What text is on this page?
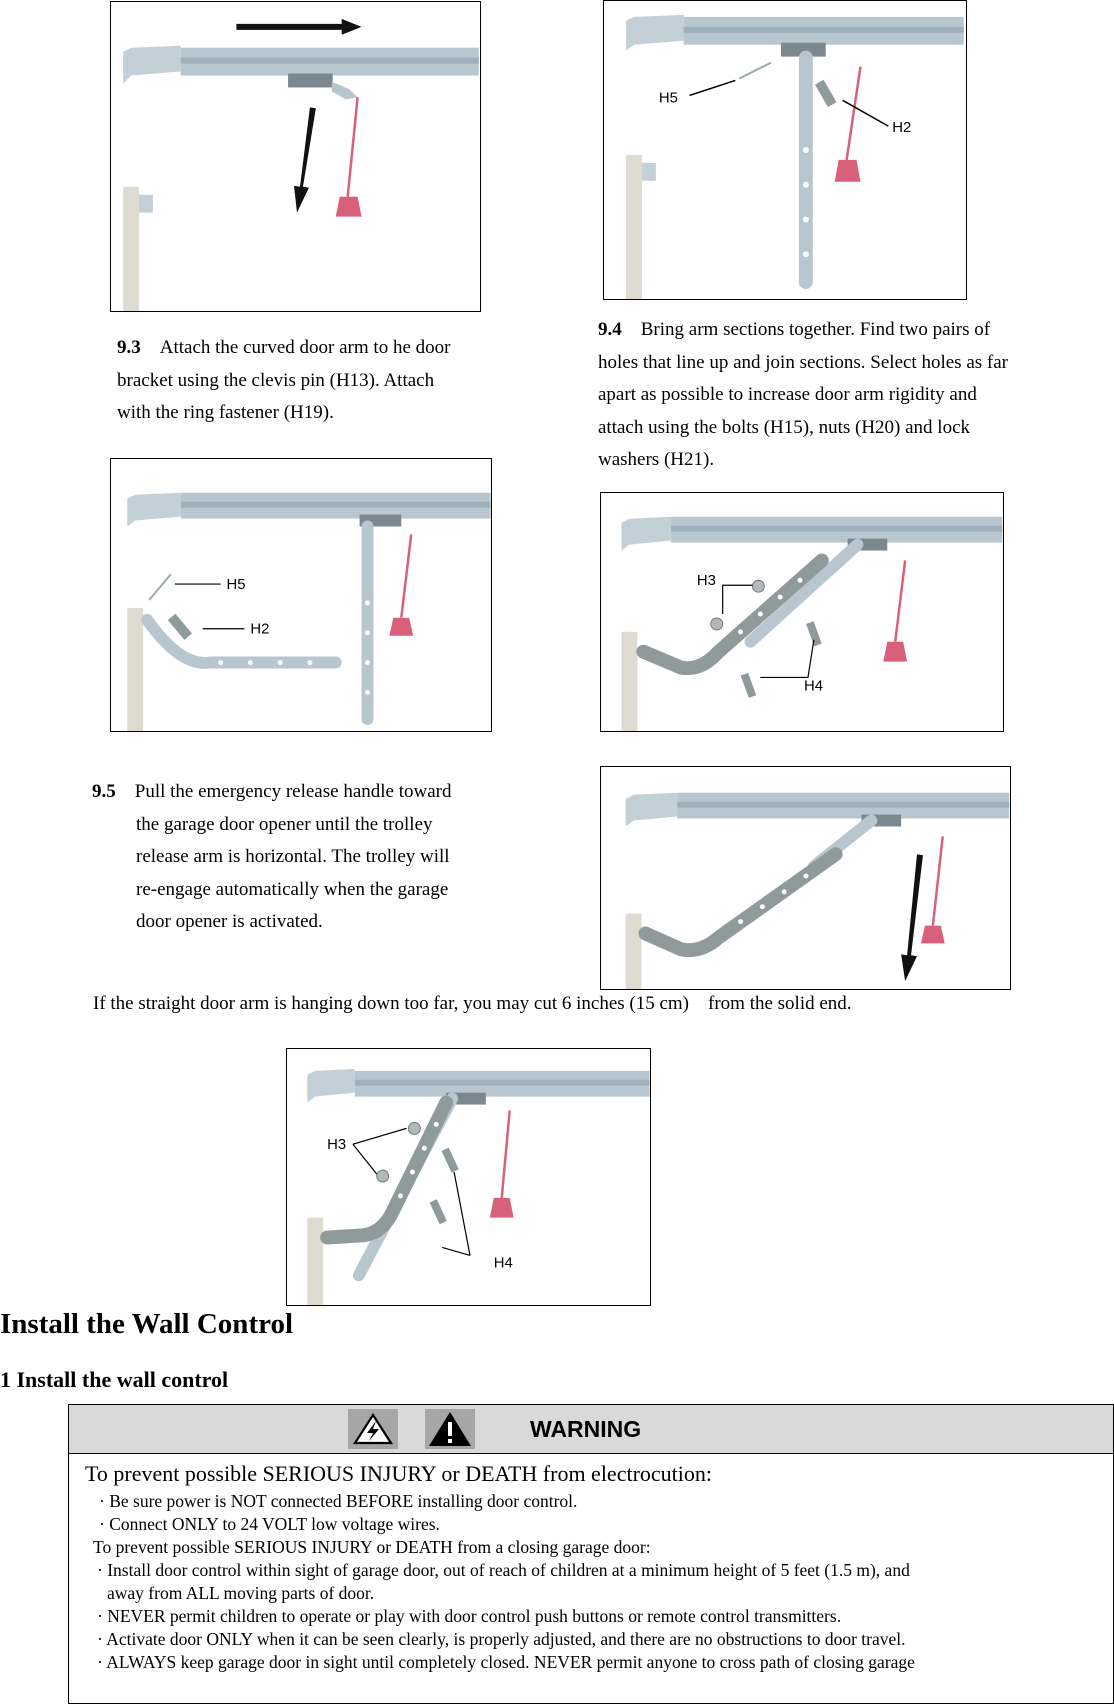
H5
H2
9.3 Attach the curved door arm to he door
bracket using the clevis pin (H13). Attach
with the ring fastener (H19).
9.4 Bring arm sections together. Find two pairs of
holes that line up and join sections. Select holes as far
apart as possible to increase door arm rigidity and
attach using the bolts (H15), nuts (H20) and lock
washers (H21).
H5
H2
H3
H4
9.5 Pull the emergency release handle toward
the garage door opener until the trolley
release arm is horizontal. The trolley will
re-engage automatically when the garage
door opener is activated.
If the straight door arm is hanging down too far, you may cut 6 inches (15 cm) from the solid end.
H3
H4
Install the Wall Control
1 Install the wall control
WARNING
To prevent possible SERIOUS INJURY or DEATH from electrocution:
· Be sure power is NOT connected BEFORE installing door control.
· Connect ONLY to 24 VOLT low voltage wires.
To prevent possible SERIOUS INJURY or DEATH from a closing garage door:
· Install door control within sight of garage door, out of reach of children at a minimum height of 5 feet (1.5 m), and
away from ALL moving parts of door.
· NEVER permit children to operate or play with door control push buttons or remote control transmitters.
· Activate door ONLY when it can be seen clearly, is properly adjusted, and there are no obstructions to door travel.
· ALWAYS keep garage door in sight until completely closed. NEVER permit anyone to cross path of closing garage
